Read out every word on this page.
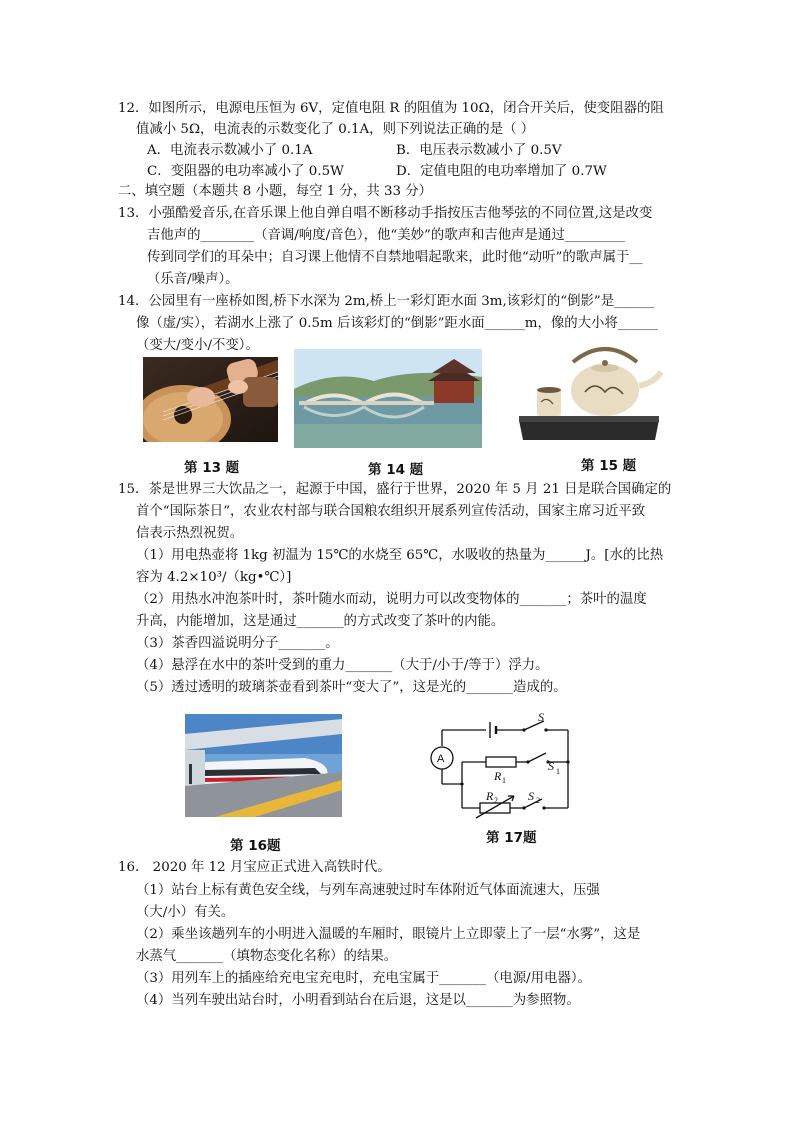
12．如图所示，电源电压恒为 6V，定值电阻 R 的阻值为 10Ω，闭合开关后，使变阻器的阻
值减小 5Ω，电流表的示数变化了 0.1A，则下列说法正确的是（ ）
A．电流表示数减小了 0.1A	B．电压表示数减小了 0.5V
C．变阻器的电功率减小了 0.5W	D．定值电阻的电功率增加了 0.7W
二、填空题（本题共 8 小题，每空 1 分，共 33 分）
13．小强酷爱音乐,在音乐课上他自弹自唱不断移动手指按压吉他琴弦的不同位置,这是改变
吉他声的________（音调/响度/音色），他“美妙”的歌声和吉他声是通过_________
传到同学们的耳朵中；自习课上他情不自禁地唱起歌来，此时他“动听”的歌声属于__
（乐音/噪声）。
14．公园里有一座桥如图,桥下水深为 2m,桥上一彩灯距水面 3m,该彩灯的“倒影”是______
像（虚/实），若湖水上涨了 0.5m 后该彩灯的“倒影”距水面______m，像的大小将______
（变大/变小/不变）。
第 13 题	第 14 题	第 15 题
15．茶是世界三大饮品之一，起源于中国，盛行于世界，2020 年 5 月 21 日是联合国确定的
首个“国际茶日”，农业农村部与联合国粮农组织开展系列宣传活动，国家主席习近平致
信表示热烈祝贺。
（1）用电热壶将 1kg 初温为 15℃的水烧至 65℃，水吸收的热量为______J。[水的比热
容为 4.2×10³/（kg•℃）]
（2）用热水冲泡茶叶时，茶叶随水而动，说明力可以改变物体的_______；茶叶的温度
升高，内能增加，这是通过_______的方式改变了茶叶的内能。
（3）茶香四溢说明分子_______。
（4）悬浮在水中的茶叶受到的重力_______（大于/小于/等于）浮力。
（5）透过透明的玻璃茶壶看到茶叶“变大了”，这是光的_______造成的。
A
S
S 1
R 1
R 2	S 2
第 16题	第 17题
16． 2020 年 12 月宝应正式进入高铁时代。
（1）站台上标有黄色安全线，与列车高速驶过时车体附近气体面流速大，压强
（大/小）有关。
（2）乘坐该趟列车的小明进入温暖的车厢时，眼镜片上立即蒙上了一层“水雾”，这是
水蒸气_______（填物态变化名称）的结果。
（3）用列车上的插座给充电宝充电时，充电宝属于_______（电源/用电器）。
（4）当列车驶出站台时，小明看到站台在后退，这是以_______为参照物。
